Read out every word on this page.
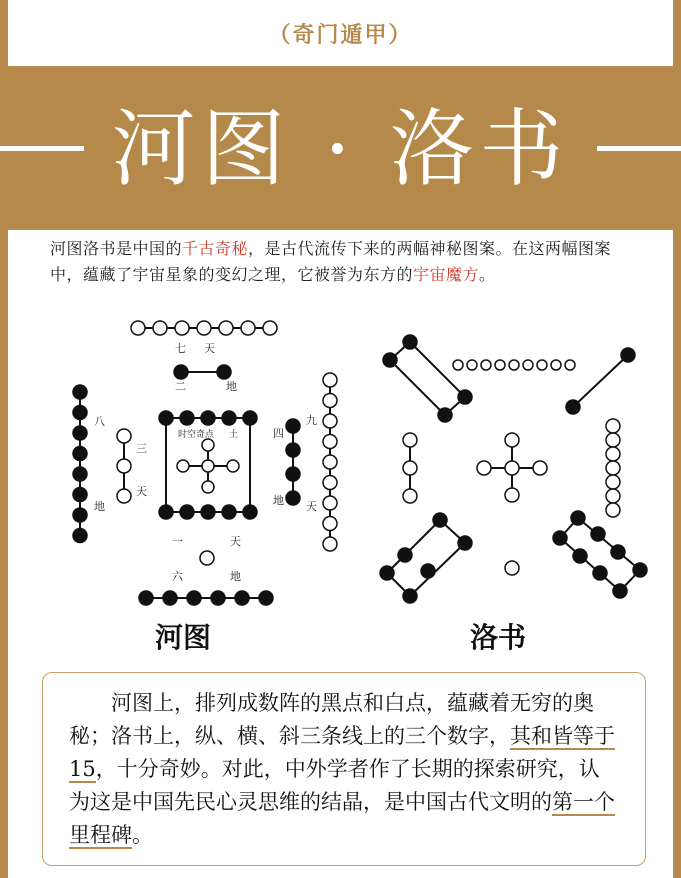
（奇门遁甲）
河图 · 洛书
河图洛书是中国的千古奇秘，是古代流传下来的两幅神秘图案。在这两幅图案中，蕴藏了宇宙星象的变幻之理，它被誉为东方的宇宙魔方。
七 天
二	地
八
三
天
地
四
九
地 天
时空奇点 土
一	天
六	地
河图	洛书

河图上，排列成数阵的黑点和白点，蕴藏着无穷的奥秘；洛书上，纵、横、斜三条线上的三个数字，其和皆等于15，十分奇妙。对此，中外学者作了长期的探索研究，认为这是中国先民心灵思维的结晶，是中国古代文明的第一个里程碑。
